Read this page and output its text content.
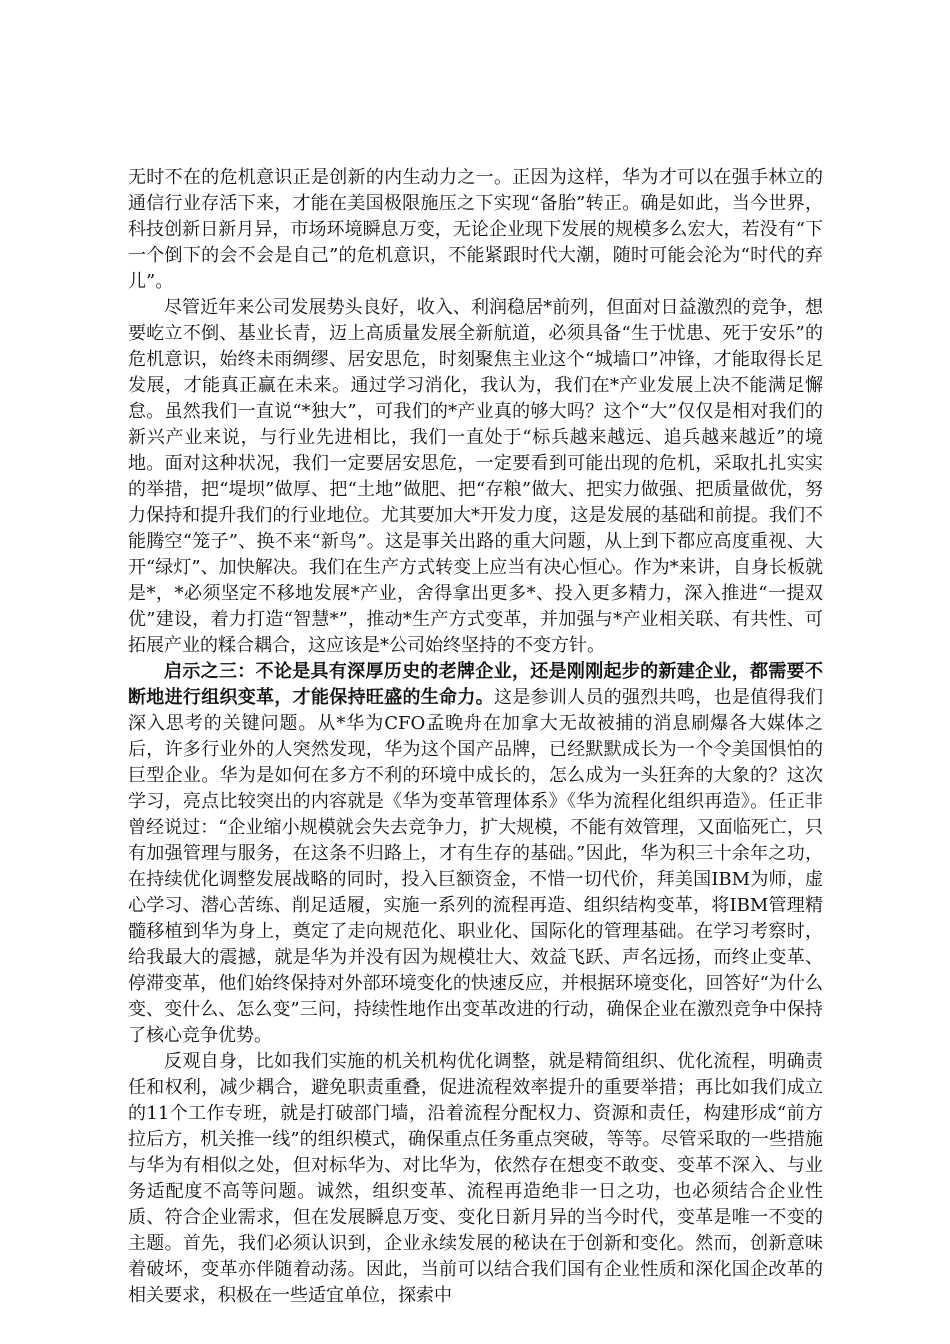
无时不在的危机意识正是创新的内生动力之一。正因为这样，华为才可以在强手林立的通信行业存活下来，才能在美国极限施压之下实现“备胎”转正。确是如此，当今世界，科技创新日新月异，市场环境瞬息万变，无论企业现下发展的规模多么宏大，若没有“下一个倒下的会不会是自己”的危机意识，不能紧跟时代大潮，随时可能会沦为“时代的弃儿”。

尽管近年来公司发展势头良好，收入、利润稳居*前列，但面对日益激烈的竞争，想要屹立不倒、基业长青，迈上高质量发展全新航道，必须具备“生于忧患、死于安乐”的危机意识，始终未雨绸缪、居安思危，时刻聚焦主业这个“城墙口”冲锋，才能取得长足发展，才能真正赢在未来。通过学习消化，我认为，我们在*产业发展上决不能满足懈怠。虽然我们一直说“*独大”，可我们的*产业真的够大吗？这个“大”仅仅是相对我们的新兴产业来说，与行业先进相比，我们一直处于“标兵越来越远、追兵越来越近”的境地。面对这种状况，我们一定要居安思危，一定要看到可能出现的危机，采取扎扎实实的举措，把“堤坝”做厚、把“土地”做肥、把“存粮”做大、把实力做强、把质量做优，努力保持和提升我们的行业地位。尤其要加大*开发力度，这是发展的基础和前提。我们不能腾空“笼子”、换不来“新鸟”。这是事关出路的重大问题，从上到下都应高度重视、大开“绿灯”、加快解决。我们在生产方式转变上应当有决心恒心。作为*来讲，自身长板就是*，*必须坚定不移地发展*产业，舍得拿出更多*、投入更多精力，深入推进“一提双优”建设，着力打造“智慧*”，推动*生产方式变革，并加强与*产业相关联、有共性、可拓展产业的糅合耦合，这应该是*公司始终坚持的不变方针。

启示之三：不论是具有深厚历史的老牌企业，还是刚刚起步的新建企业，都需要不断地进行组织变革，才能保持旺盛的生命力。这是参训人员的强烈共鸣，也是值得我们深入思考的关键问题。从*华为CFO孟晚舟在加拿大无故被捕的消息刷爆各大媒体之后，许多行业外的人突然发现，华为这个国产品牌，已经默默成长为一个令美国惧怕的巨型企业。华为是如何在多方不利的环境中成长的，怎么成为一头狂奔的大象的？这次学习，亮点比较突出的内容就是《华为变革管理体系》《华为流程化组织再造》。任正非曾经说过：“企业缩小规模就会失去竞争力，扩大规模，不能有效管理，又面临死亡，只有加强管理与服务，在这条不归路上，才有生存的基础。”因此，华为积三十余年之功，在持续优化调整发展战略的同时，投入巨额资金，不惜一切代价，拜美国IBM为师，虚心学习、潜心苦练、削足适履，实施一系列的流程再造、组织结构变革，将IBM管理精髓移植到华为身上，奠定了走向规范化、职业化、国际化的管理基础。在学习考察时，给我最大的震撼，就是华为并没有因为规模壮大、效益飞跃、声名远扬，而终止变革、停滞变革，他们始终保持对外部环境变化的快速反应，并根据环境变化，回答好“为什么变、变什么、怎么变”三问，持续性地作出变革改进的行动，确保企业在激烈竞争中保持了核心竞争优势。

反观自身，比如我们实施的机关机构优化调整，就是精简组织、优化流程，明确责任和权利，减少耦合，避免职责重叠，促进流程效率提升的重要举措；再比如我们成立的11个工作专班，就是打破部门墙，沿着流程分配权力、资源和责任，构建形成“前方拉后方，机关推一线”的组织模式，确保重点任务重点突破，等等。尽管采取的一些措施与华为有相似之处，但对标华为、对比华为，依然存在想变不敢变、变革不深入、与业务适配度不高等问题。诚然，组织变革、流程再造绝非一日之功，也必须结合企业性质、符合企业需求，但在发展瞬息万变、变化日新月异的当今时代，变革是唯一不变的主题。首先，我们必须认识到，企业永续发展的秘诀在于创新和变化。然而，创新意味着破坏，变革亦伴随着动荡。因此，当前可以结合我们国有企业性质和深化国企改革的相关要求，积极在一些适宜单位，探索中
